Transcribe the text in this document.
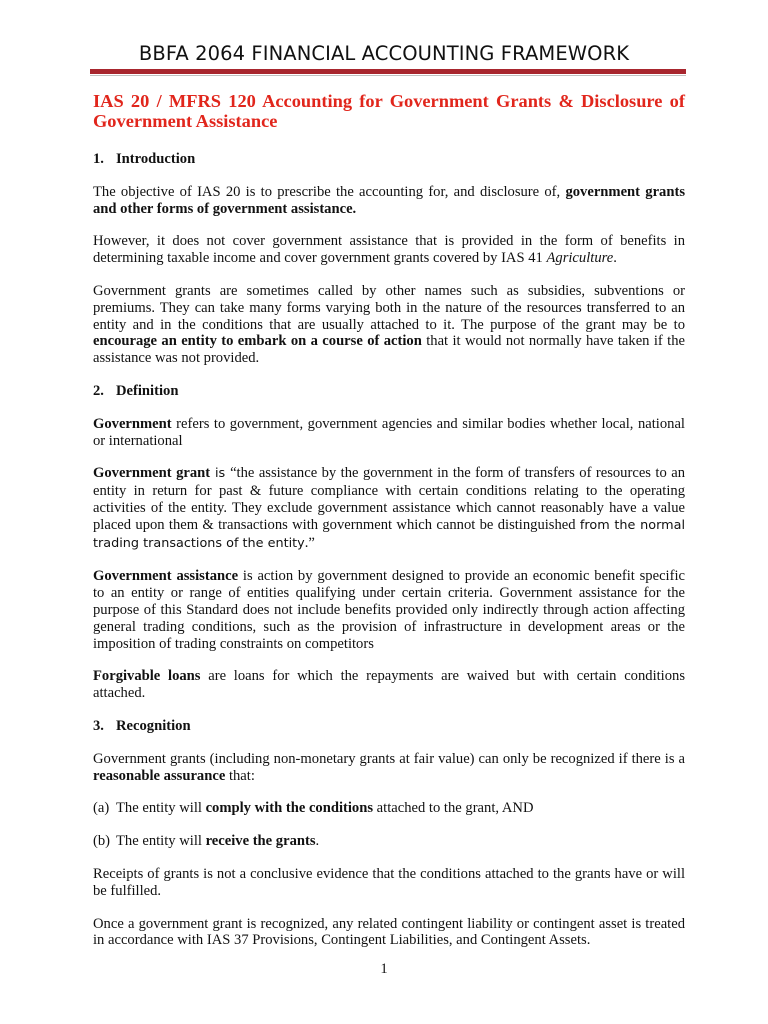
BBFA 2064 FINANCIAL ACCOUNTING FRAMEWORK
IAS 20 / MFRS 120 Accounting for Government Grants & Disclosure of Government Assistance
1. Introduction

The objective of IAS 20 is to prescribe the accounting for, and disclosure of, government grants and other forms of government assistance.

However, it does not cover government assistance that is provided in the form of benefits in determining taxable income and cover government grants covered by IAS 41 Agriculture.

Government grants are sometimes called by other names such as subsidies, subventions or premiums. They can take many forms varying both in the nature of the resources transferred to an entity and in the conditions that are usually attached to it. The purpose of the grant may be to encourage an entity to embark on a course of action that it would not normally have taken if the assistance was not provided.

2. Definition

Government refers to government, government agencies and similar bodies whether local, national or international

Government grant is “the assistance by the government in the form of transfers of resources to an entity in return for past & future compliance with certain conditions relating to the operating activities of the entity. They exclude government assistance which cannot reasonably have a value placed upon them & transactions with government which cannot be distinguished from the normal trading transactions of the entity.”

Government assistance is action by government designed to provide an economic benefit specific to an entity or range of entities qualifying under certain criteria. Government assistance for the purpose of this Standard does not include benefits provided only indirectly through action affecting general trading conditions, such as the provision of infrastructure in development areas or the imposition of trading constraints on competitors

Forgivable loans are loans for which the repayments are waived but with certain conditions attached.

3. Recognition

Government grants (including non-monetary grants at fair value) can only be recognized if there is a reasonable assurance that:

(a) The entity will comply with the conditions attached to the grant, AND
(b) The entity will receive the grants.

Receipts of grants is not a conclusive evidence that the conditions attached to the grants have or will be fulfilled.

Once a government grant is recognized, any related contingent liability or contingent asset is treated in accordance with IAS 37 Provisions, Contingent Liabilities, and Contingent Assets.

1
